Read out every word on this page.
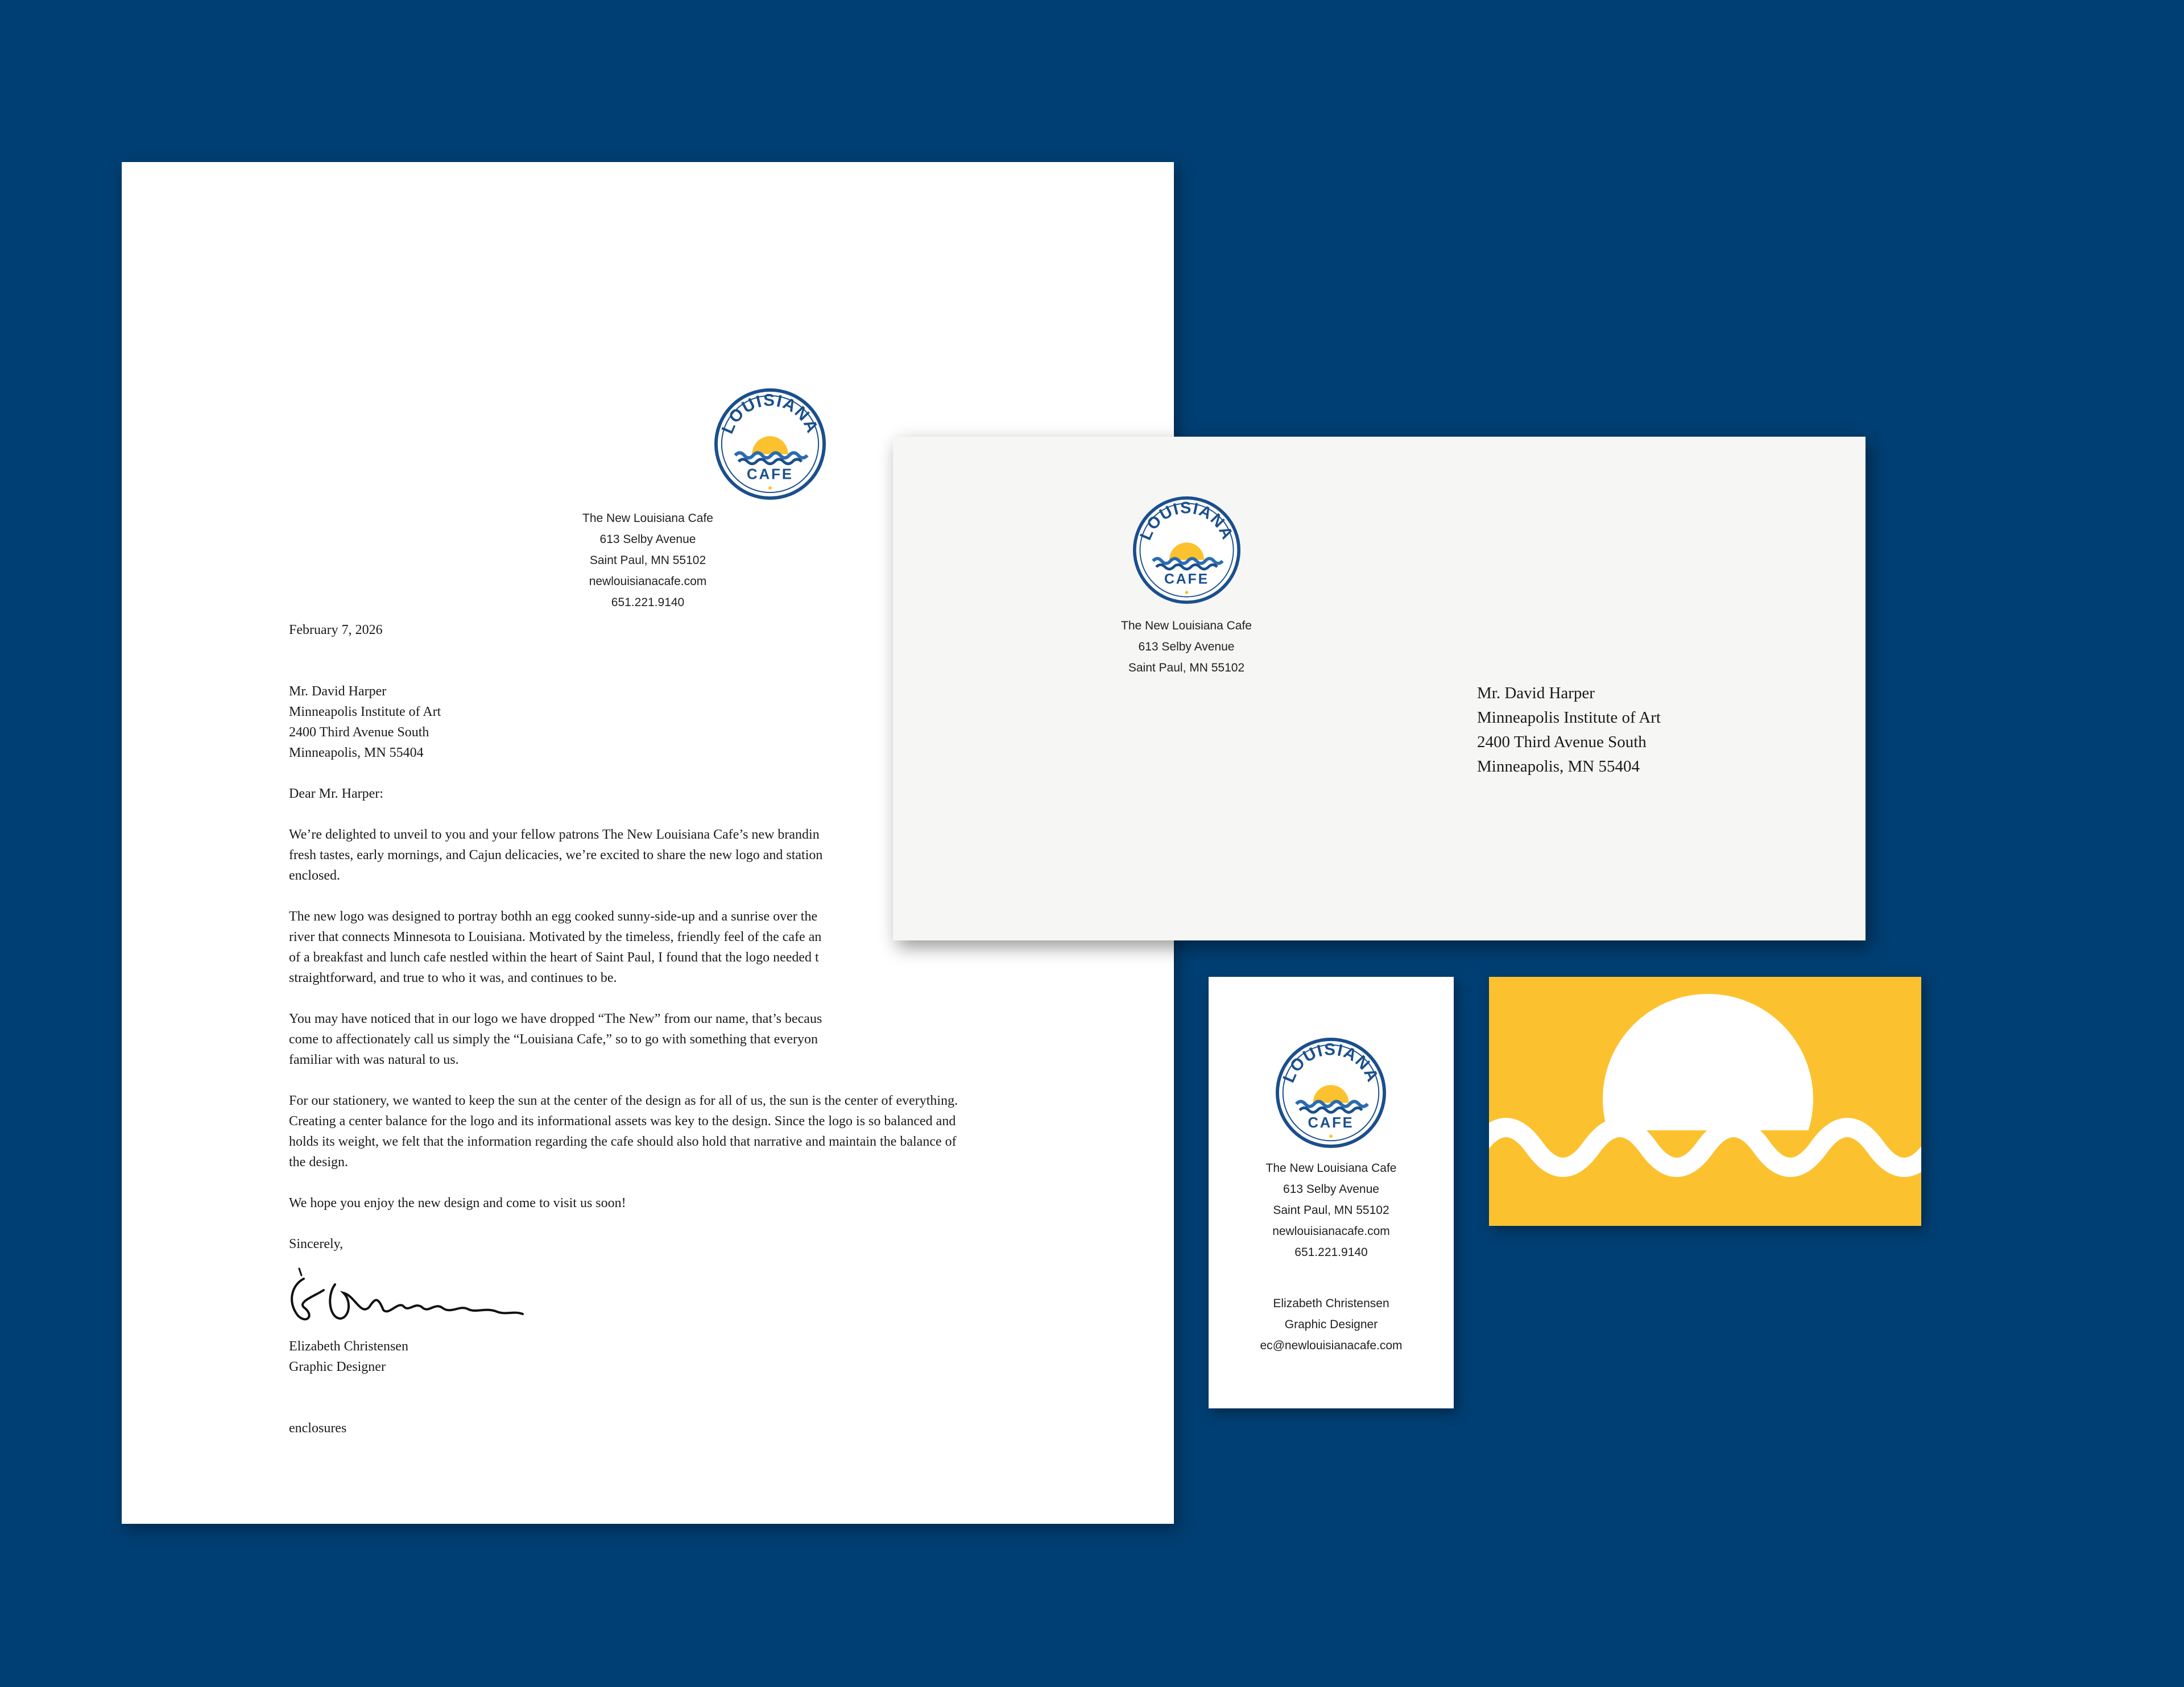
LOUISIANA
CAFE
The New Louisiana Cafe
613 Selby Avenue
Saint Paul, MN 55102
newlouisianacafe.com
651.221.9140

February 7, 2026

Mr. David Harper
Minneapolis Institute of Art
2400 Third Avenue South
Minneapolis, MN 55404

Dear Mr. Harper:

We’re delighted to unveil to you and your fellow patrons The New Louisiana Cafe’s new brandin
fresh tastes, early mornings, and Cajun delicacies, we’re excited to share the new logo and station
enclosed.
The new logo was designed to portray bothh an egg cooked sunny-side-up and a sunrise over the
river that connects Minnesota to Louisiana. Motivated by the timeless, friendly feel of the cafe an
of a breakfast and lunch cafe nestled within the heart of Saint Paul, I found that the logo needed t
straightforward, and true to who it was, and continues to be.
You may have noticed that in our logo we have dropped “The New” from our name, that’s becaus
come to affectionately call us simply the “Louisiana Cafe,” so to go with something that everyon
familiar with was natural to us.
For our stationery, we wanted to keep the sun at the center of the design as for all of us, the sun is the center of everything.
Creating a center balance for the logo and its informational assets was key to the design. Since the logo is so balanced and
holds its weight, we felt that the information regarding the cafe should also hold that narrative and maintain the balance of
the design.

We hope you enjoy the new design and come to visit us soon!

Sincerely,

Elizabeth Christensen
Graphic Designer
enclosures
LOUISIANA
CAFE
The New Louisiana Cafe
613 Selby Avenue
Saint Paul, MN 55102
Mr. David Harper
Minneapolis Institute of Art
2400 Third Avenue South
Minneapolis, MN 55404
LOUISIANA
CAFE
The New Louisiana Cafe
613 Selby Avenue
Saint Paul, MN 55102
newlouisianacafe.com
651.221.9140
Elizabeth Christensen
Graphic Designer
ec@newlouisianacafe.com
